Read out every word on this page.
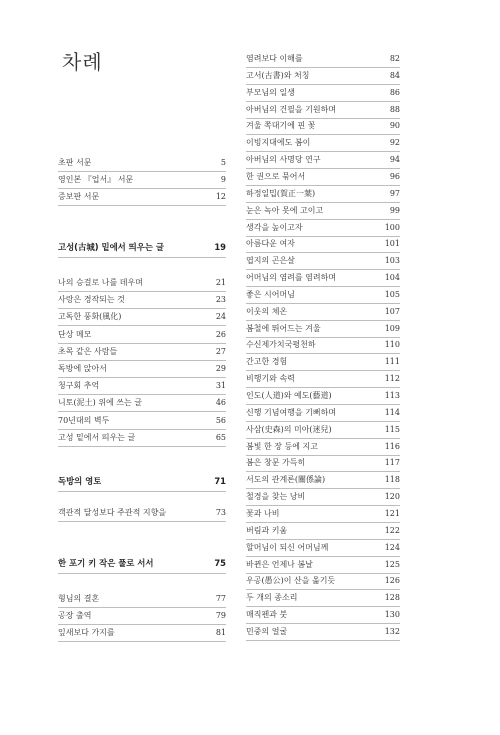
차례
초판 서문	5
영인본 『업서』 서문	9
증보판 서문	12
고성(古城) 밑에서 띄우는 글	19
나의 승걸로 나를 데우며	21
사랑은 경작되는 것	23
고독한 풍화(風化)	24
단상 메모	26
초목 같은 사람들	27
독방에 앉아서	29
청구회 추억	31
니토(泥土) 위에 쓰는 글	46
70년대의 벽두	56
고성 밑에서 띄우는 글	65
독방의 영토	71
객관적 달성보다 주관적 지향을	73
한 포기 키 작은 풀로 서서	75
형님의 결혼	77
공장 출역	79
잎새보다 가지를	81
염려보다 이해를	82
고서(古書)와 처칭	84
부모님의 일생	86
아버님의 건필을 기원하며	88
겨울 쪽대기에 핀 꽃	90
이빙지대에도 봄이	92
아버님의 사명당 연구	94
한 권으로 묶어서	96
하정일밉(賀正一葉)	97
눈은 녹아 못에 고이고	99
생각을 높이고자	100
아름다운 여자	101
엽지의 곤은살	103
어머님의 염려를 염려하며	104
좋은 시어머님	105
이웃의 체온	107
봄철에 뛰어드는 겨울	109
수신제가치국평천하	110
간고한 경험	111
비행기와 속력	112
인도(人道)와 예도(藝道)	113
신행 기념여행을 기뻐하며	114
사삼(史森)의 미아(迷兒)	115
봄빛 한 장 등에 지고	116
봄은 창문 가득히	117
서도의 관계론(關係論)	118
철경을 찾는 낭비	120
꽃과 나비	121
버림과 키움	122
할머님이 되신 어머님께	124
바뀐은 언제나 봄날	125
우공(愚公)이 산을 옮기듯	126
두 개의 종소리	128
매직펜과 붓	130
민중의 얼굴	132
